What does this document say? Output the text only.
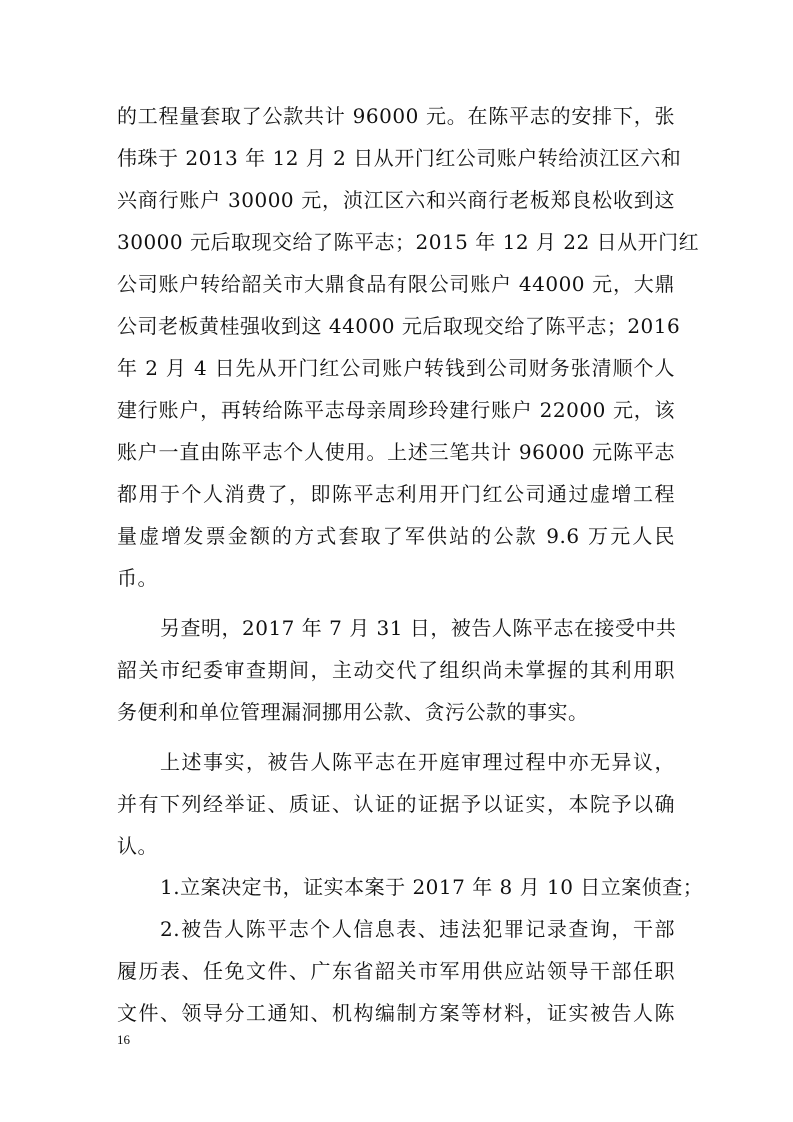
的工程量套取了公款共计 96000 元。在陈平志的安排下，张
伟珠于 2013 年 12 月 2 日从开门红公司账户转给浈江区六和
兴商行账户 30000 元，浈江区六和兴商行老板郑良松收到这
30000 元后取现交给了陈平志；2015 年 12 月 22 日从开门红
公司账户转给韶关市大鼎食品有限公司账户 44000 元，大鼎
公司老板黄桂强收到这 44000 元后取现交给了陈平志；2016
年 2 月 4 日先从开门红公司账户转钱到公司财务张清顺个人
建行账户，再转给陈平志母亲周珍玲建行账户 22000 元，该
账户一直由陈平志个人使用。上述三笔共计 96000 元陈平志
都用于个人消费了，即陈平志利用开门红公司通过虚增工程
量虚增发票金额的方式套取了军供站的公款 9.6 万元人民
币。
另查明，2017 年 7 月 31 日，被告人陈平志在接受中共
韶关市纪委审查期间，主动交代了组织尚未掌握的其利用职
务便利和单位管理漏洞挪用公款、贪污公款的事实。
上述事实，被告人陈平志在开庭审理过程中亦无异议，
并有下列经举证、质证、认证的证据予以证实，本院予以确
认。
1.立案决定书，证实本案于 2017 年 8 月 10 日立案侦查；
2.被告人陈平志个人信息表、违法犯罪记录查询，干部
履历表、任免文件、广东省韶关市军用供应站领导干部任职
文件、领导分工通知、机构编制方案等材料，证实被告人陈
16
